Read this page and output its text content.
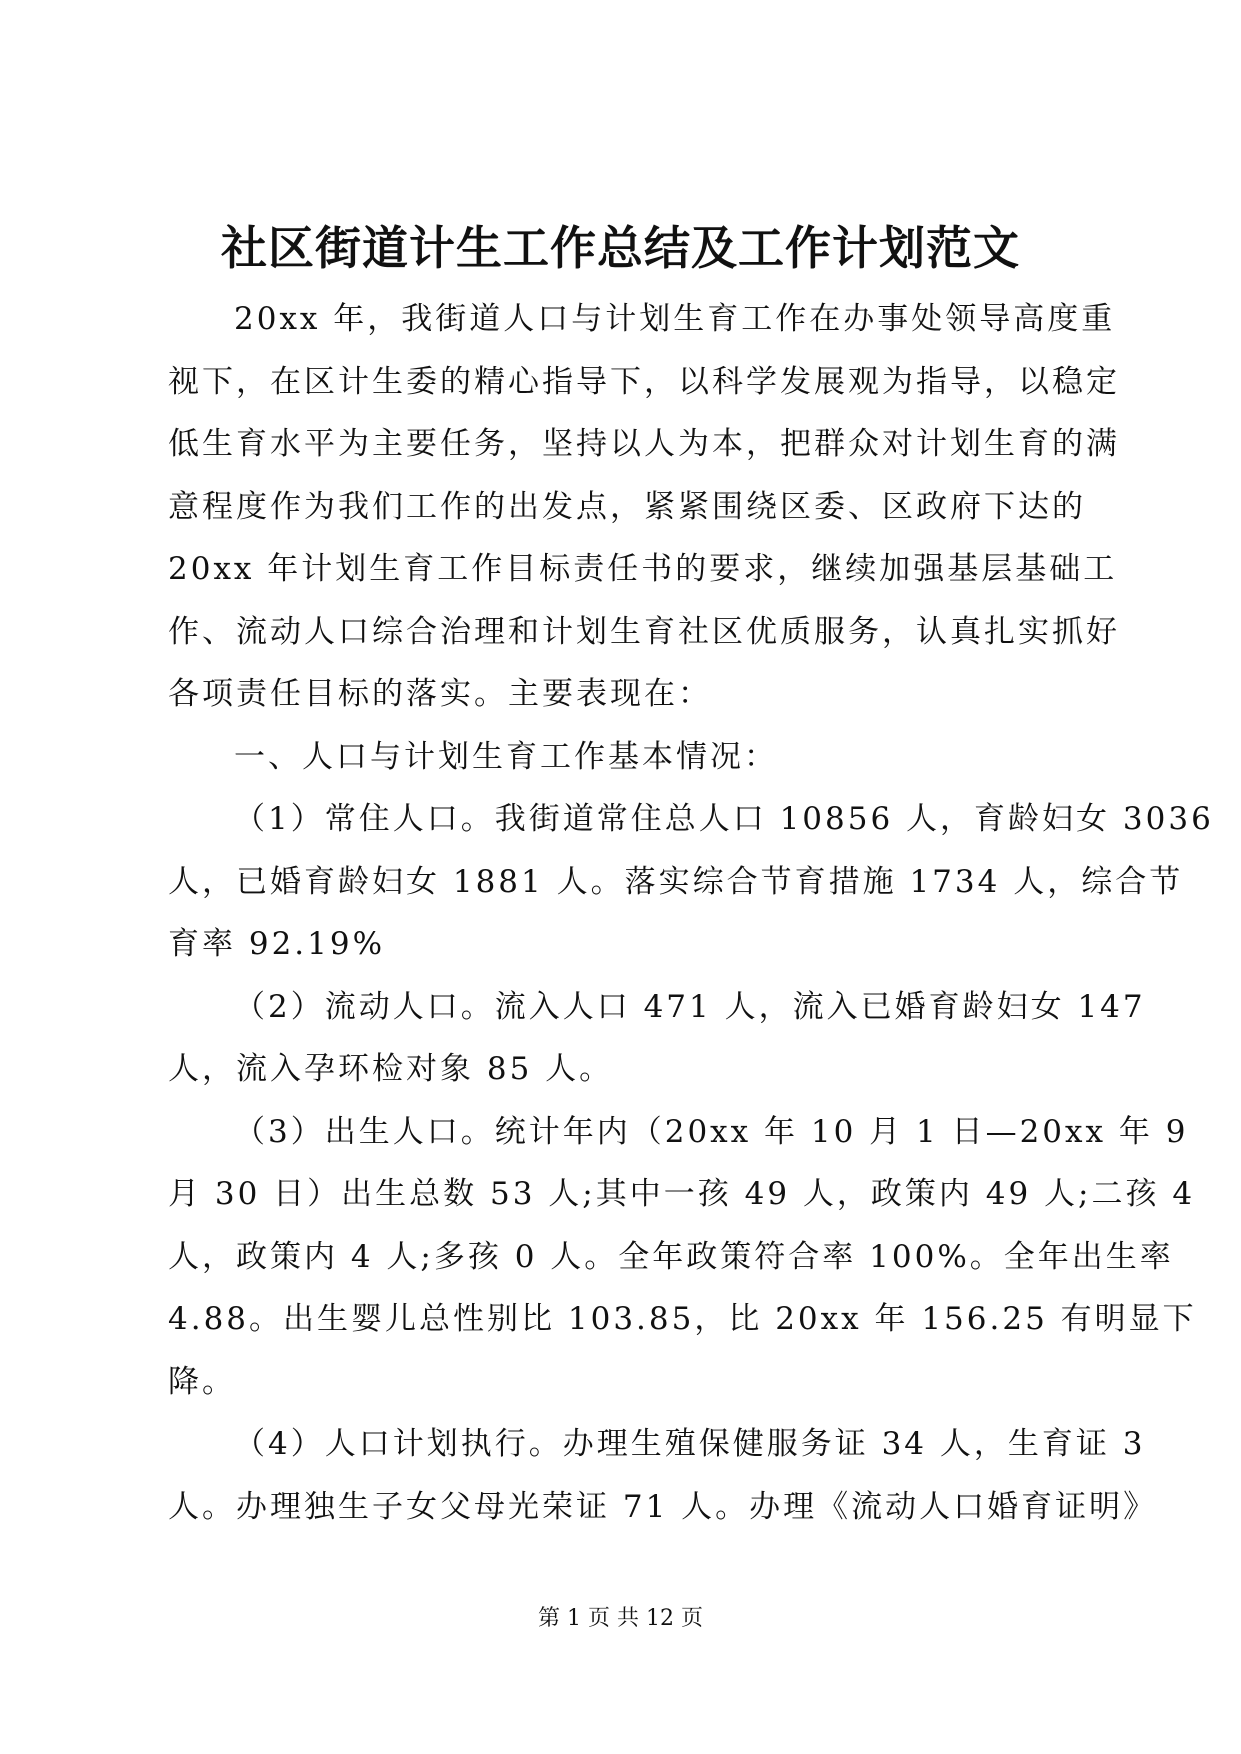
社区街道计生工作总结及工作计划范文
20xx 年，我街道人口与计划生育工作在办事处领导高度重
视下，在区计生委的精心指导下，以科学发展观为指导，以稳定
低生育水平为主要任务，坚持以人为本，把群众对计划生育的满
意程度作为我们工作的出发点，紧紧围绕区委、区政府下达的
20xx 年计划生育工作目标责任书的要求，继续加强基层基础工
作、流动人口综合治理和计划生育社区优质服务，认真扎实抓好
各项责任目标的落实。主要表现在：
一、人口与计划生育工作基本情况：
（1）常住人口。我街道常住总人口 10856 人，育龄妇女 3036
人，已婚育龄妇女 1881 人。落实综合节育措施 1734 人，综合节
育率 92.19%
（2）流动人口。流入人口 471 人，流入已婚育龄妇女 147
人，流入孕环检对象 85 人。
（3）出生人口。统计年内（20xx 年 10 月 1 日—20xx 年 9
月 30 日）出生总数 53 人;其中一孩 49 人，政策内 49 人;二孩 4
人，政策内 4 人;多孩 0 人。全年政策符合率 100%。全年出生率
4.88。出生婴儿总性别比 103.85，比 20xx 年 156.25 有明显下
降。
（4）人口计划执行。办理生殖保健服务证 34 人，生育证 3
人。办理独生子女父母光荣证 71 人。办理《流动人口婚育证明》
第 1 页 共 12 页
